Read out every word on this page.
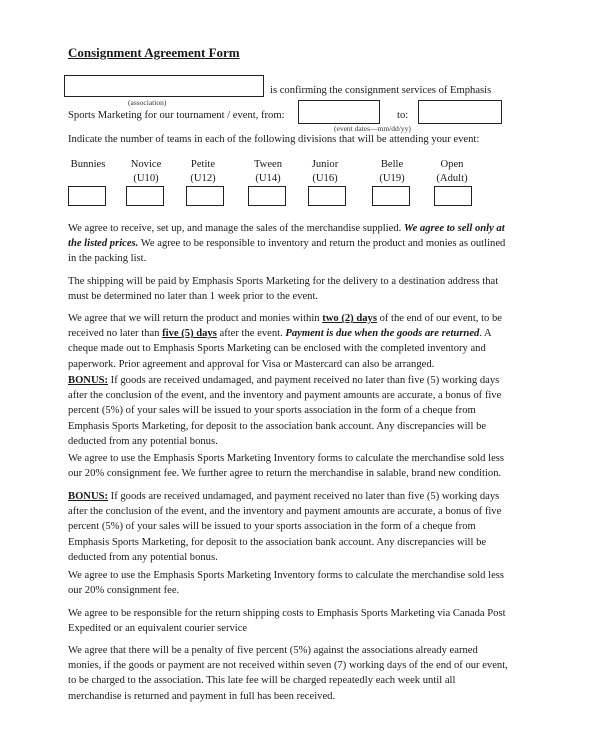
Consignment Agreement Form
is confirming the consignment services of Emphasis
(association)
Sports Marketing for our tournament / event, from:	to:
(event dates—mm/dd/yy)
Indicate the number of teams in each of the following divisions that will be attending your event:
Bunnies	Novice
(U10)
Petite
(U12)
Tween
(U14)
Junior
(U16)
Belle
(U19)
Open
(Adult)
We agree to receive, set up, and manage the sales of the merchandise supplied. We agree to sell only at
the listed prices. We agree to be responsible to inventory and return the product and monies as outlined
in the packing list.
The shipping will be paid by Emphasis Sports Marketing for the delivery to a destination address that
must be determined no later than 1 week prior to the event.
We agree that we will return the product and monies within two (2) days of the end of our event, to be
received no later than five (5) days after the event. Payment is due when the goods are returned. A
cheque made out to Emphasis Sports Marketing can be enclosed with the completed inventory and
paperwork. Prior agreement and approval for Visa or Mastercard can also be arranged.
BONUS: If goods are received undamaged, and payment received no later than five (5) working days
after the conclusion of the event, and the inventory and payment amounts are accurate, a bonus of five
percent (5%) of your sales will be issued to your sports association in the form of a cheque from
Emphasis Sports Marketing, for deposit to the association bank account. Any discrepancies will be
deducted from any potential bonus.
We agree to use the Emphasis Sports Marketing Inventory forms to calculate the merchandise sold less
our 20% consignment fee. We further agree to return the merchandise in salable, brand new condition.
BONUS: If goods are received undamaged, and payment received no later than five (5) working days
after the conclusion of the event, and the inventory and payment amounts are accurate, a bonus of five
percent (5%) of your sales will be issued to your sports association in the form of a cheque from
Emphasis Sports Marketing, for deposit to the association bank account. Any discrepancies will be
deducted from any potential bonus.
We agree to use the Emphasis Sports Marketing Inventory forms to calculate the merchandise sold less
our 20% consignment fee.
We agree to be responsible for the return shipping costs to Emphasis Sports Marketing via Canada Post
Expedited or an equivalent courier service
We agree that there will be a penalty of five percent (5%) against the associations already earned
monies, if the goods or payment are not received within seven (7) working days of the end of our event,
to be charged to the association. This late fee will be charged repeatedly each week until all
merchandise is returned and payment in full has been received.
